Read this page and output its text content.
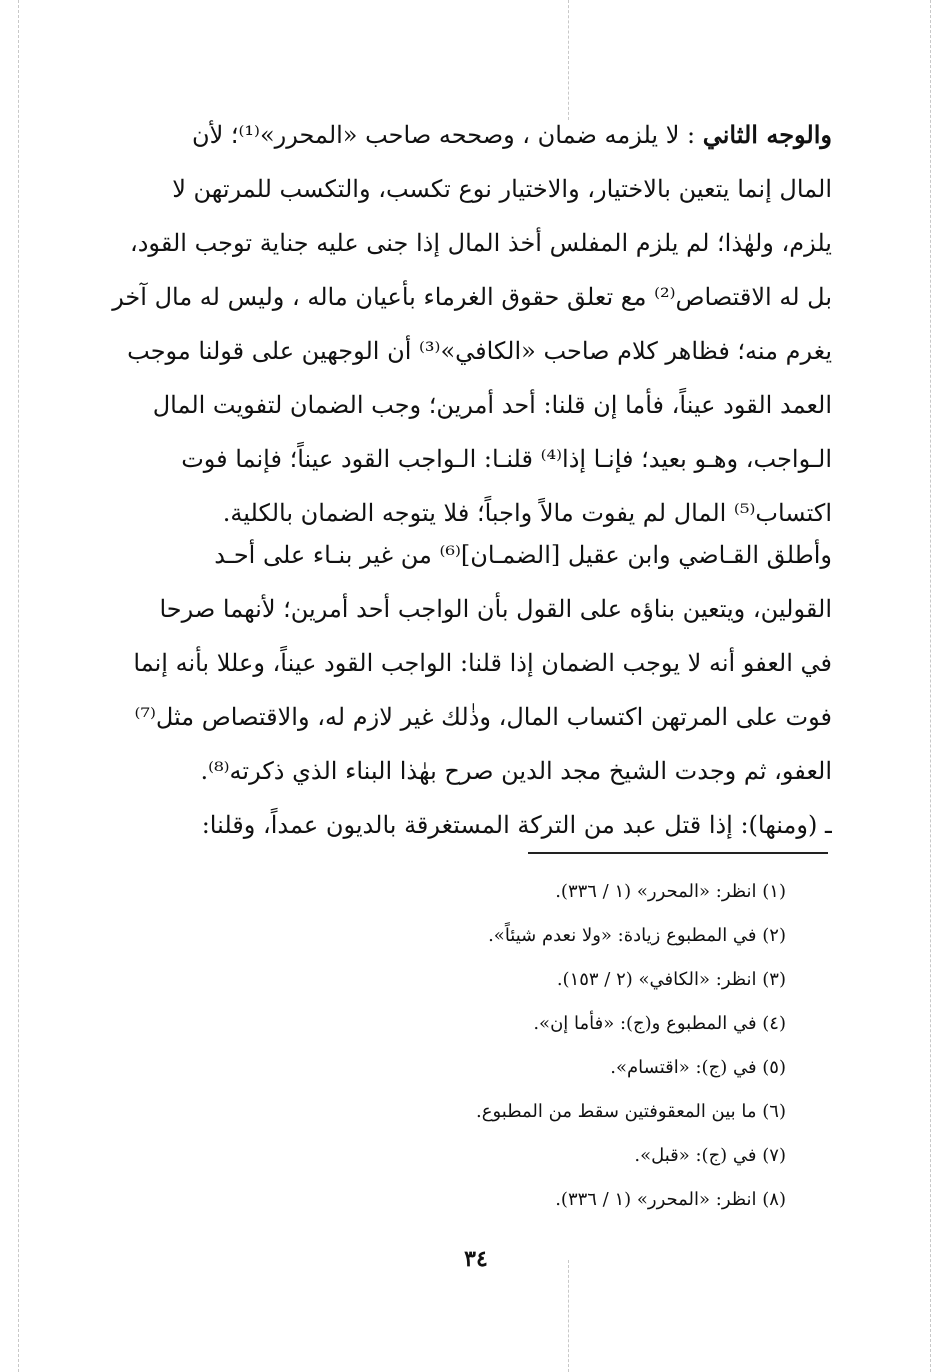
والوجه الثاني : لا يلزمه ضمان ، وصححه صاحب «المحرر»⁽¹⁾؛ لأن
المال إنما يتعين بالاختيار، والاختيار نوع تكسب، والتكسب للمرتهن لا
يلزم، ولهٰذا؛ لم يلزم المفلس أخذ المال إذا جنى عليه جناية توجب القود،
بل له الاقتصاص⁽²⁾ مع تعلق حقوق الغرماء بأعيان ماله ، وليس له مال آخر
يغرم منه؛ فظاهر كلام صاحب «الكافي»⁽³⁾ أن الوجهين على قولنا موجب
العمد القود عيناً، فأما إن قلنا: أحد أمرين؛ وجب الضمان لتفويت المال
الـواجب، وهـو بعيد؛ فإنـا إذا⁽⁴⁾ قلنـا: الـواجب القود عيناً؛ فإنما فوت
اكتساب⁽⁵⁾ المال لم يفوت مالاً واجباً؛ فلا يتوجه الضمان بالكلية.
وأطلق القـاضي وابن عقيل [الضمـان]⁽⁶⁾ من غير بنـاء على أحـد
القولين، ويتعين بناؤه على القول بأن الواجب أحد أمرين؛ لأنهما صرحا
في العفو أنه لا يوجب الضمان إذا قلنا: الواجب القود عيناً، وعللا بأنه إنما
فوت على المرتهن اكتساب المال، وذٰلك غير لازم له، والاقتصاص مثل⁽⁷⁾
العفو، ثم وجدت الشيخ مجد الدين صرح بهٰذا البناء الذي ذكرته⁽⁸⁾.
ـ (ومنها): إذا قتل عبد من التركة المستغرقة بالديون عمداً، وقلنا:
(١) انظر: «المحرر» (١ / ٣٣٦).
(٢) في المطبوع زيادة: «ولا نعدم شيئاً».
(٣) انظر: «الكافي» (٢ / ١٥٣).
(٤) في المطبوع و(ج): «فأما إن».
(٥) في (ج): «اقتسام».
(٦) ما بين المعقوفتين سقط من المطبوع.
(٧) في (ج): «قبل».
(٨) انظر: «المحرر» (١ / ٣٣٦).
٣٤
